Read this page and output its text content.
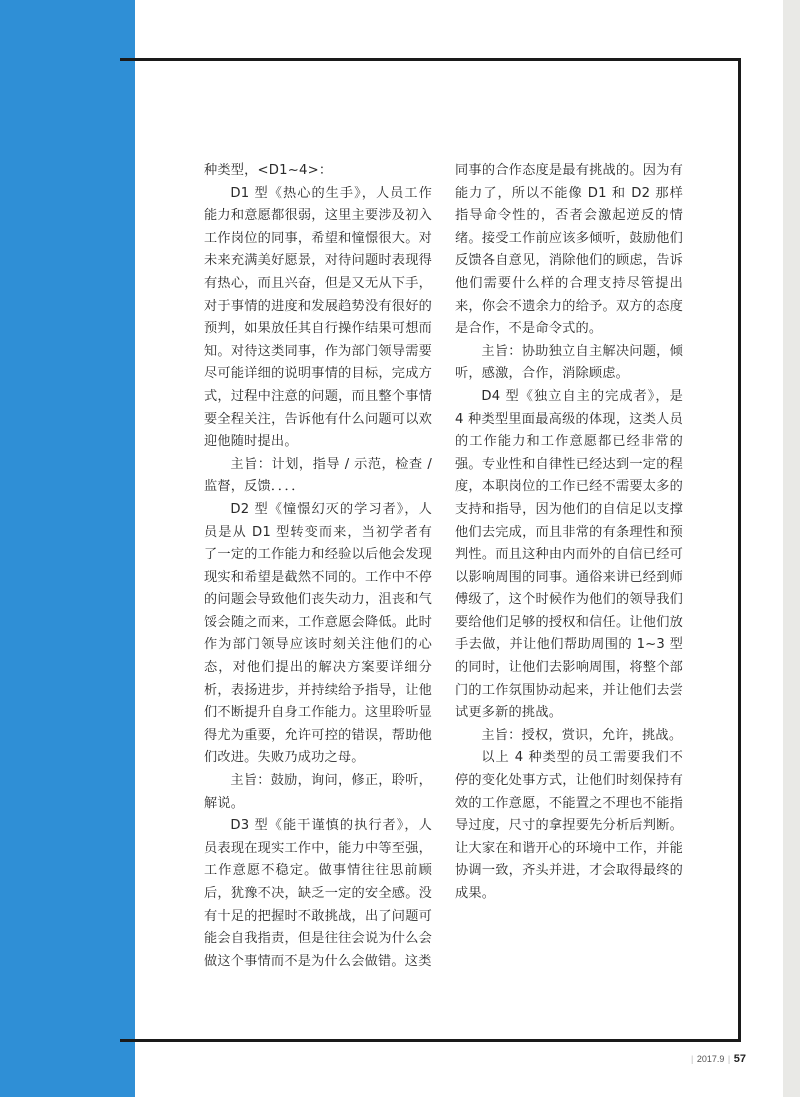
种类型，<D1~4>：

D1 型《热心的生手》，人员工作能力和意愿都很弱，这里主要涉及初入工作岗位的同事，希望和憧憬很大。对未来充满美好愿景，对待问题时表现得有热心，而且兴奋，但是又无从下手，对于事情的进度和发展趋势没有很好的预判，如果放任其自行操作结果可想而知。对待这类同事，作为部门领导需要尽可能详细的说明事情的目标，完成方式，过程中注意的问题，而且整个事情要全程关注，告诉他有什么问题可以欢迎他随时提出。

主旨：计划，指导 / 示范，检查 / 监督，反馈．．．．

D2 型《憧憬幻灭的学习者》，人员是从 D1 型转变而来，当初学者有了一定的工作能力和经验以后他会发现现实和希望是截然不同的。工作中不停的问题会导致他们丧失动力，沮丧和气馁会随之而来，工作意愿会降低。此时作为部门领导应该时刻关注他们的心态，对他们提出的解决方案要详细分析，表扬进步，并持续给予指导，让他们不断提升自身工作能力。这里聆听显得尤为重要，允许可控的错误，帮助他们改进。失败乃成功之母。

主旨：鼓励，询问，修正，聆听，解说。

D3 型《能干谨慎的执行者》，人员表现在现实工作中，能力中等至强，工作意愿不稳定。做事情往往思前顾后，犹豫不决，缺乏一定的安全感。没有十足的把握时不敢挑战，出了问题可能会自我指责，但是往往会说为什么会做这个事情而不是为什么会做错。这类

同事的合作态度是最有挑战的。因为有能力了，所以不能像 D1 和 D2 那样指导命令性的，否者会激起逆反的情绪。接受工作前应该多倾听，鼓励他们反馈各自意见，消除他们的顾虑，告诉他们需要什么样的合理支持尽管提出来，你会不遗余力的给予。双方的态度是合作，不是命令式的。

主旨：协助独立自主解决问题，倾听，感激，合作，消除顾虑。

D4 型《独立自主的完成者》，是 4 种类型里面最高级的体现，这类人员的工作能力和工作意愿都已经非常的强。专业性和自律性已经达到一定的程度，本职岗位的工作已经不需要太多的支持和指导，因为他们的自信足以支撑他们去完成，而且非常的有条理性和预判性。而且这种由内而外的自信已经可以影响周围的同事。通俗来讲已经到师傅级了，这个时候作为他们的领导我们要给他们足够的授权和信任。让他们放手去做，并让他们帮助周围的 1~3 型的同时，让他们去影响周围，将整个部门的工作氛围协动起来，并让他们去尝试更多新的挑战。

主旨：授权，赏识，允许，挑战。

以上 4 种类型的员工需要我们不停的变化处事方式，让他们时刻保持有效的工作意愿，不能置之不理也不能指导过度，尺寸的拿捏要先分析后判断。让大家在和谐开心的环境中工作，并能协调一致，齐头并进，才会取得最终的成果。

| 2017.9 | 57
